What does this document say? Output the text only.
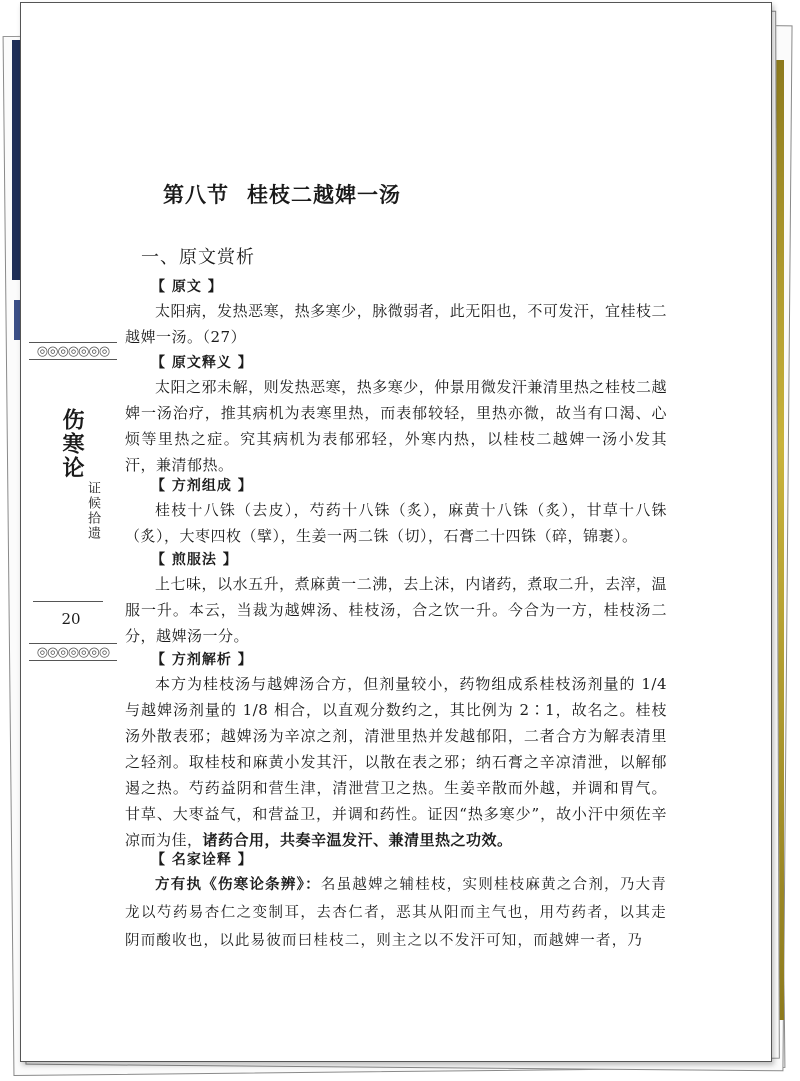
◎◎◎◎◎◎◎
伤寒论
证候拾遗
20
◎◎◎◎◎◎◎
第八节 桂枝二越婢一汤
一、原文赏析
【 原文 】

太阳病，发热恶寒，热多寒少，脉微弱者，此无阳也，不可发汗，宜桂枝二越婢一汤。（27）

【 原文释义 】

太阳之邪未解，则发热恶寒，热多寒少，仲景用微发汗兼清里热之桂枝二越婢一汤治疗，推其病机为表寒里热，而表郁较轻，里热亦微，故当有口渴、心烦等里热之症。究其病机为表郁邪轻，外寒内热，以桂枝二越婢一汤小发其汗，兼清郁热。

【 方剂组成 】

桂枝十八铢（去皮），芍药十八铢（炙），麻黄十八铢（炙），甘草十八铢（炙），大枣四枚（擘），生姜一两二铢（切），石膏二十四铢（碎，锦裹）。

【 煎服法 】

上七味，以水五升，煮麻黄一二沸，去上沫，内诸药，煮取二升，去滓，温服一升。本云，当裁为越婢汤、桂枝汤，合之饮一升。今合为一方，桂枝汤二分，越婢汤一分。

【 方剂解析 】

本方为桂枝汤与越婢汤合方，但剂量较小，药物组成系桂枝汤剂量的 1/4 与越婢汤剂量的 1/8 相合，以直观分数约之，其比例为 2∶1，故名之。桂枝汤外散表邪；越婢汤为辛凉之剂，清泄里热并发越郁阳，二者合方为解表清里之轻剂。取桂枝和麻黄小发其汗，以散在表之邪；纳石膏之辛凉清泄，以解郁遏之热。芍药益阴和营生津，清泄营卫之热。生姜辛散而外越，并调和胃气。甘草、大枣益气，和营益卫，并调和药性。证因“热多寒少”，故小汗中须佐辛凉而为佳，诸药合用，共奏辛温发汗、兼清里热之功效。

【 名家诠释 】

方有执《伤寒论条辨》：名虽越婢之辅桂枝，实则桂枝麻黄之合剂，乃大青龙以芍药易杏仁之变制耳，去杏仁者，恶其从阳而主气也，用芍药者，以其走阴而酸收也，以此易彼而曰桂枝二，则主之以不发汗可知，而越婢一者，乃
